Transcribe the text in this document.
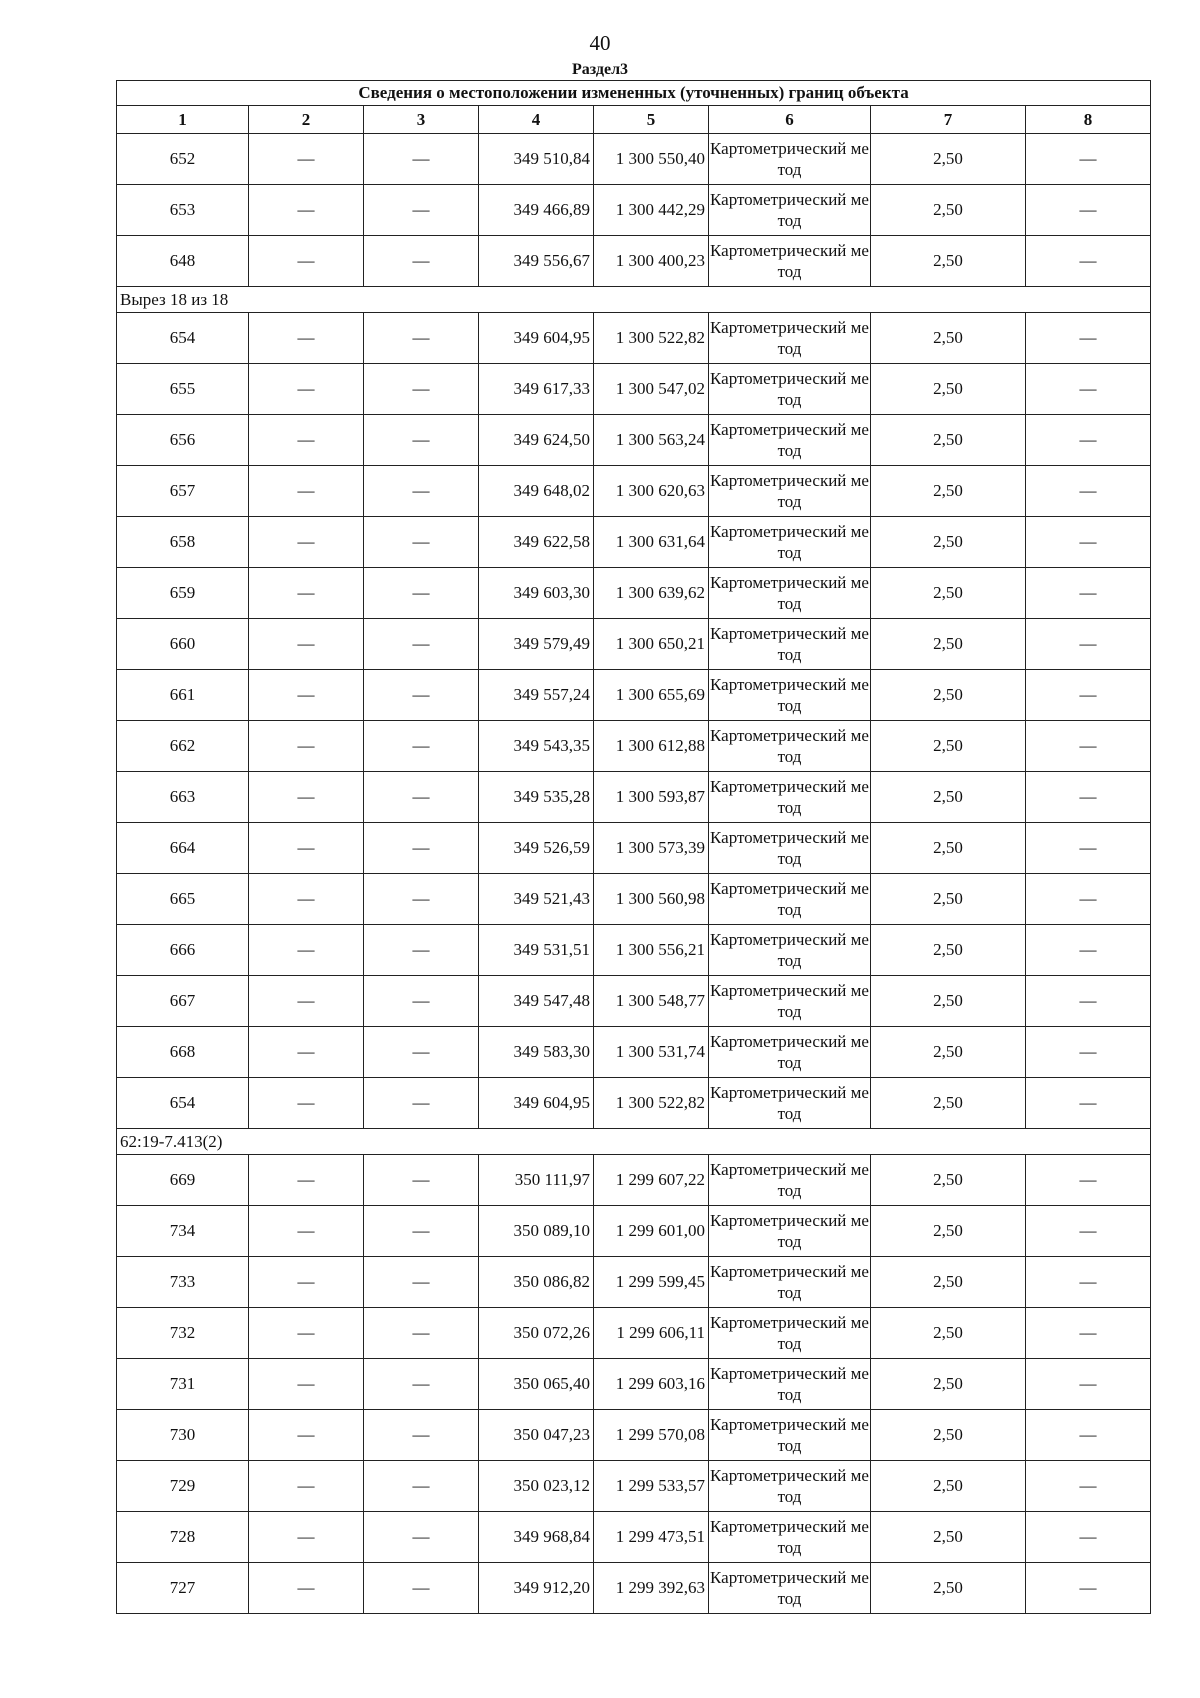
40
Раздел3
Сведения о местоположении измененных (уточненных) границ объекта							
1	2	3	4	5	6	7	8
652	—	—	349 510,84	1 300 550,40	Картометрический метод	2,50	—
653	—	—	349 466,89	1 300 442,29	Картометрический метод	2,50	—
648	—	—	349 556,67	1 300 400,23	Картометрический метод	2,50	—
Вырез 18 из 18							
654	—	—	349 604,95	1 300 522,82	Картометрический метод	2,50	—
655	—	—	349 617,33	1 300 547,02	Картометрический метод	2,50	—
656	—	—	349 624,50	1 300 563,24	Картометрический метод	2,50	—
657	—	—	349 648,02	1 300 620,63	Картометрический метод	2,50	—
658	—	—	349 622,58	1 300 631,64	Картометрический метод	2,50	—
659	—	—	349 603,30	1 300 639,62	Картометрический метод	2,50	—
660	—	—	349 579,49	1 300 650,21	Картометрический метод	2,50	—
661	—	—	349 557,24	1 300 655,69	Картометрический метод	2,50	—
662	—	—	349 543,35	1 300 612,88	Картометрический метод	2,50	—
663	—	—	349 535,28	1 300 593,87	Картометрический метод	2,50	—
664	—	—	349 526,59	1 300 573,39	Картометрический метод	2,50	—
665	—	—	349 521,43	1 300 560,98	Картометрический метод	2,50	—
666	—	—	349 531,51	1 300 556,21	Картометрический метод	2,50	—
667	—	—	349 547,48	1 300 548,77	Картометрический метод	2,50	—
668	—	—	349 583,30	1 300 531,74	Картометрический метод	2,50	—
654	—	—	349 604,95	1 300 522,82	Картометрический метод	2,50	—
62:19-7.413(2)							
669	—	—	350 111,97	1 299 607,22	Картометрический метод	2,50	—
734	—	—	350 089,10	1 299 601,00	Картометрический метод	2,50	—
733	—	—	350 086,82	1 299 599,45	Картометрический метод	2,50	—
732	—	—	350 072,26	1 299 606,11	Картометрический метод	2,50	—
731	—	—	350 065,40	1 299 603,16	Картометрический метод	2,50	—
730	—	—	350 047,23	1 299 570,08	Картометрический метод	2,50	—
729	—	—	350 023,12	1 299 533,57	Картометрический метод	2,50	—
728	—	—	349 968,84	1 299 473,51	Картометрический метод	2,50	—
727	—	—	349 912,20	1 299 392,63	Картометрический метод	2,50	—
